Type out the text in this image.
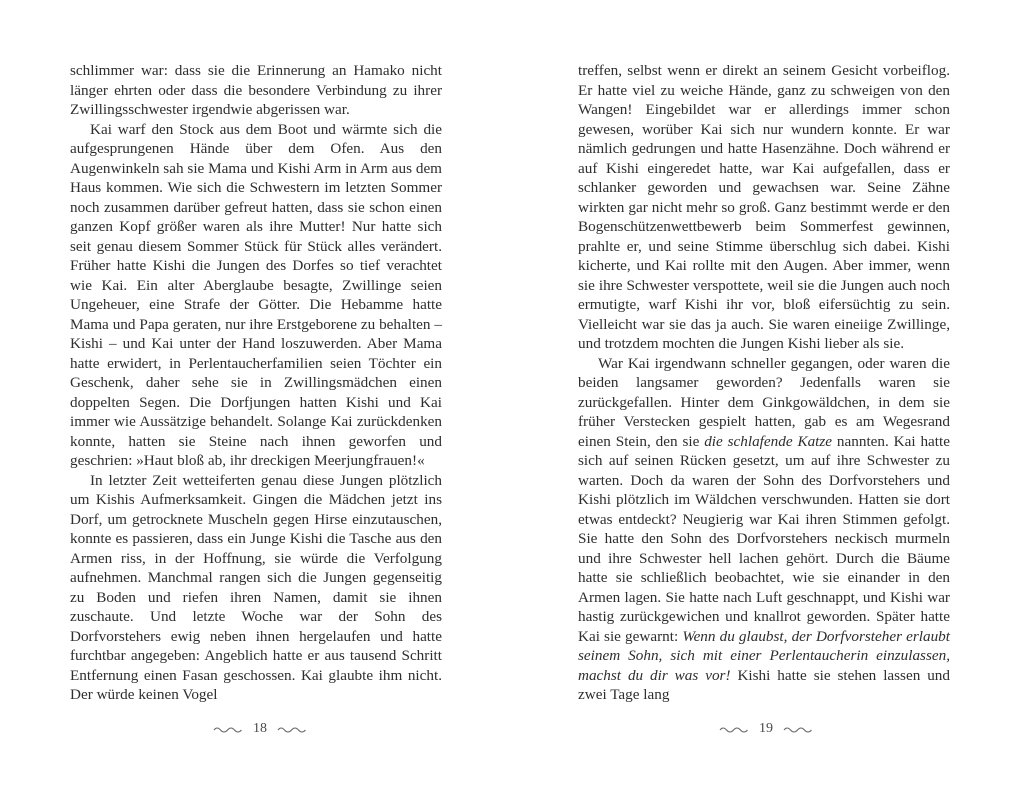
schlimmer war: dass sie die Erinnerung an Hamako nicht länger ehrten oder dass die besondere Verbindung zu ihrer Zwillingsschwester irgendwie abgerissen war.

Kai warf den Stock aus dem Boot und wärmte sich die aufgesprungenen Hände über dem Ofen. Aus den Augenwinkeln sah sie Mama und Kishi Arm in Arm aus dem Haus kommen. Wie sich die Schwestern im letzten Sommer noch zusammen darüber gefreut hatten, dass sie schon einen ganzen Kopf größer waren als ihre Mutter! Nur hatte sich seit genau diesem Sommer Stück für Stück alles verändert. Früher hatte Kishi die Jungen des Dorfes so tief verachtet wie Kai. Ein alter Aberglaube besagte, Zwillinge seien Ungeheuer, eine Strafe der Götter. Die Hebamme hatte Mama und Papa geraten, nur ihre Erstgeborene zu behalten – Kishi – und Kai unter der Hand loszuwerden. Aber Mama hatte erwidert, in Perlentaucherfamilien seien Töchter ein Geschenk, daher sehe sie in Zwillingsmädchen einen doppelten Segen. Die Dorfjungen hatten Kishi und Kai immer wie Aussätzige behandelt. Solange Kai zurückdenken konnte, hatten sie Steine nach ihnen geworfen und geschrien: »Haut bloß ab, ihr dreckigen Meerjungfrauen!«

In letzter Zeit wetteiferten genau diese Jungen plötzlich um Kishis Aufmerksamkeit. Gingen die Mädchen jetzt ins Dorf, um getrocknete Muscheln gegen Hirse einzutauschen, konnte es passieren, dass ein Junge Kishi die Tasche aus den Armen riss, in der Hoffnung, sie würde die Verfolgung aufnehmen. Manchmal rangen sich die Jungen gegenseitig zu Boden und riefen ihren Namen, damit sie ihnen zuschaute. Und letzte Woche war der Sohn des Dorfvorstehers ewig neben ihnen hergelaufen und hatte furchtbar angegeben: Angeblich hatte er aus tausend Schritt Entfernung einen Fasan geschossen. Kai glaubte ihm nicht. Der würde keinen Vogel

treffen, selbst wenn er direkt an seinem Gesicht vorbeiflog. Er hatte viel zu weiche Hände, ganz zu schweigen von den Wangen! Eingebildet war er allerdings immer schon gewesen, worüber Kai sich nur wundern konnte. Er war nämlich gedrungen und hatte Hasenzähne. Doch während er auf Kishi eingeredet hatte, war Kai aufgefallen, dass er schlanker geworden und gewachsen war. Seine Zähne wirkten gar nicht mehr so groß. Ganz bestimmt werde er den Bogenschützenwettbewerb beim Sommerfest gewinnen, prahlte er, und seine Stimme überschlug sich dabei. Kishi kicherte, und Kai rollte mit den Augen. Aber immer, wenn sie ihre Schwester verspottete, weil sie die Jungen auch noch ermutigte, warf Kishi ihr vor, bloß eifersüchtig zu sein. Vielleicht war sie das ja auch. Sie waren eineiige Zwillinge, und trotzdem mochten die Jungen Kishi lieber als sie.

War Kai irgendwann schneller gegangen, oder waren die beiden langsamer geworden? Jedenfalls waren sie zurückgefallen. Hinter dem Ginkgowäldchen, in dem sie früher Verstecken gespielt hatten, gab es am Wegesrand einen Stein, den sie die schlafende Katze nannten. Kai hatte sich auf seinen Rücken gesetzt, um auf ihre Schwester zu warten. Doch da waren der Sohn des Dorfvorstehers und Kishi plötzlich im Wäldchen verschwunden. Hatten sie dort etwas entdeckt? Neugierig war Kai ihren Stimmen gefolgt. Sie hatte den Sohn des Dorfvorstehers neckisch murmeln und ihre Schwester hell lachen gehört. Durch die Bäume hatte sie schließlich beobachtet, wie sie einander in den Armen lagen. Sie hatte nach Luft geschnappt, und Kishi war hastig zurückgewichen und knallrot geworden. Später hatte Kai sie gewarnt: Wenn du glaubst, der Dorfvorsteher erlaubt seinem Sohn, sich mit einer Perlentaucherin einzulassen, machst du dir was vor! Kishi hatte sie stehen lassen und zwei Tage lang

18	19
